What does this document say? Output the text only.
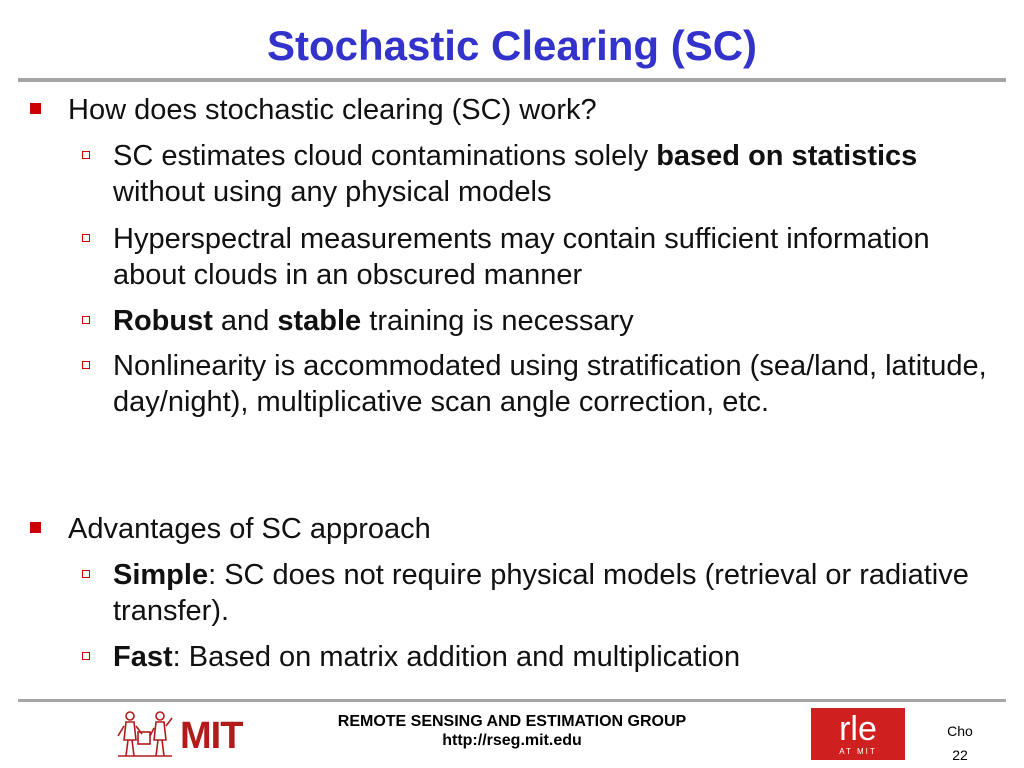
Stochastic Clearing (SC)
How does stochastic clearing (SC) work?
SC estimates cloud contaminations solely based on statistics without using any physical models
Hyperspectral measurements may contain sufficient information about clouds in an obscured manner
Robust and stable training is necessary
Nonlinearity is accommodated using stratification (sea/land, latitude, day/night), multiplicative scan angle correction, etc.
Advantages of SC approach
Simple: SC does not require physical models (retrieval or radiative transfer).
Fast: Based on matrix addition and multiplication
MIT	REMOTE SENSING AND ESTIMATION GROUP
http://rseg.mit.edu	rle
AT MIT
Cho
22
